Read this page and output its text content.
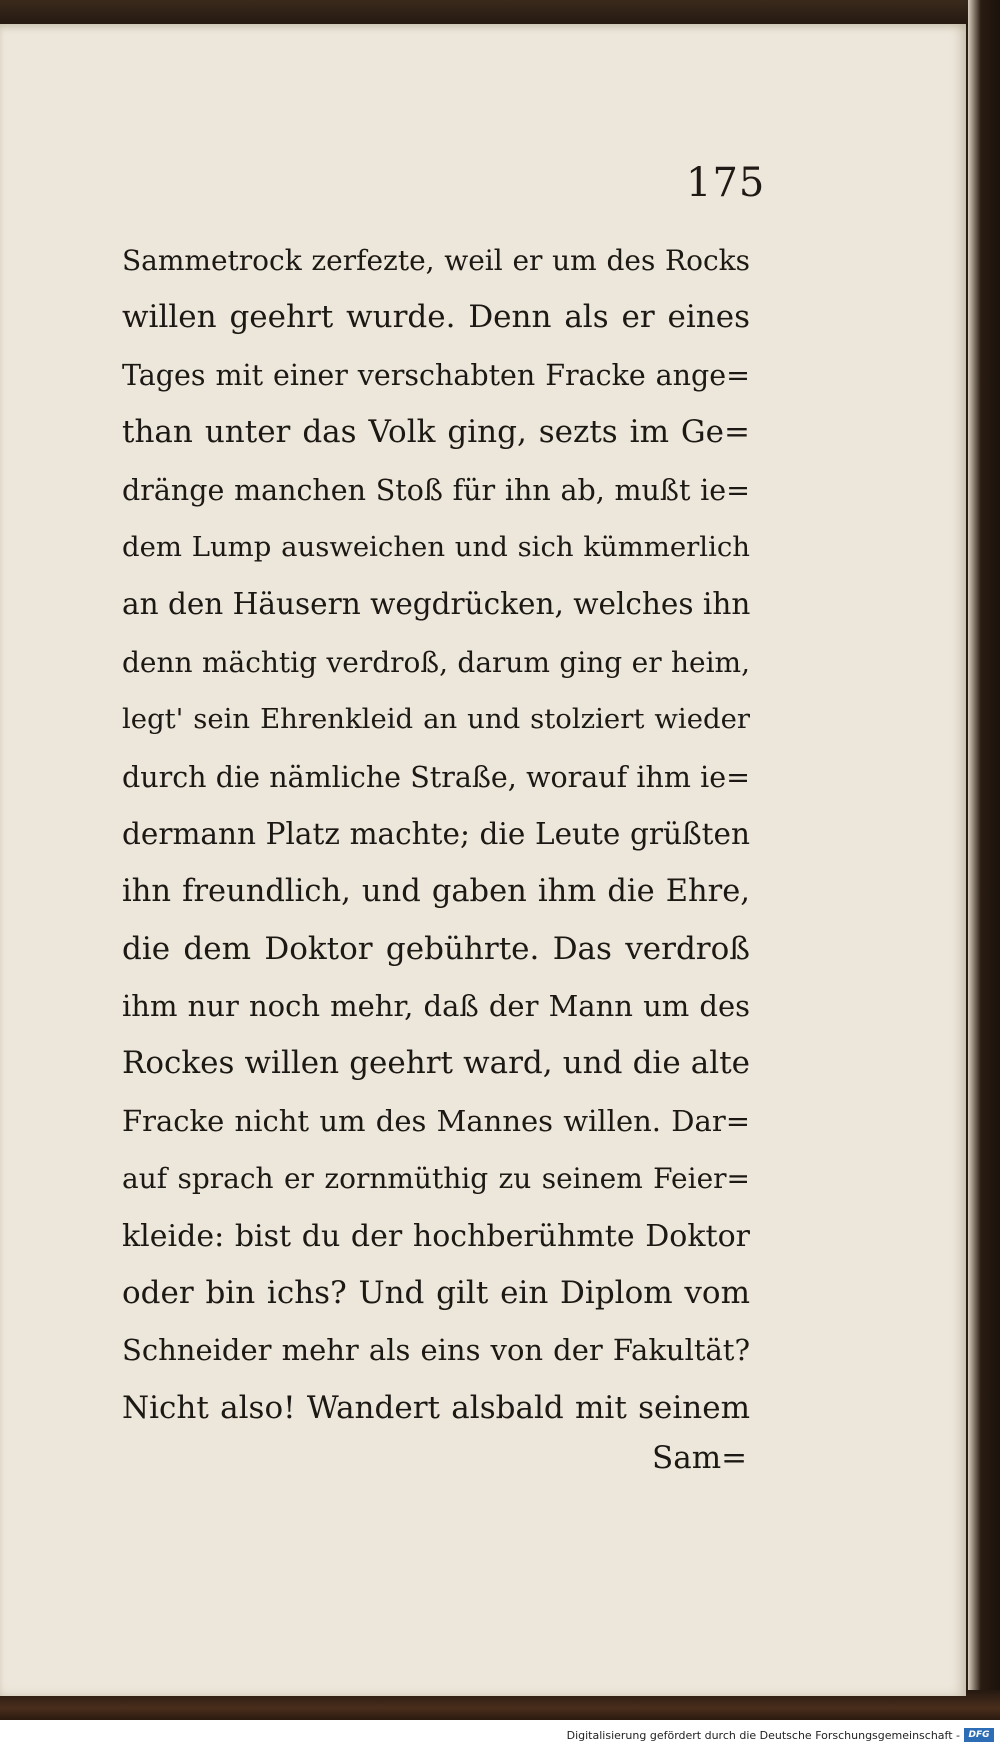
175
Sammetrock zerfezte, weil er um des Rocks
willen geehrt wurde. Denn als er eines
Tages mit einer verschabten Fracke ange=
than unter das Volk ging, sezts im Ge=
dränge manchen Stoß für ihn ab, mußt ie=
dem Lump ausweichen und sich kümmerlich
an den Häusern wegdrücken, welches ihn
denn mächtig verdroß, darum ging er heim,
legt' sein Ehrenkleid an und stolziert wieder
durch die nämliche Straße, worauf ihm ie=
dermann Platz machte; die Leute grüßten
ihn freundlich, und gaben ihm die Ehre,
die dem Doktor gebührte. Das verdroß
ihm nur noch mehr, daß der Mann um des
Rockes willen geehrt ward, und die alte
Fracke nicht um des Mannes willen. Dar=
auf sprach er zornmüthig zu seinem Feier=
kleide: bist du der hochberühmte Doktor
oder bin ichs? Und gilt ein Diplom vom
Schneider mehr als eins von der Fakultät?
Nicht also! Wandert alsbald mit seinem
Sam=
Digitalisierung gefördert durch die Deutsche Forschungsgemeinschaft - DFG
